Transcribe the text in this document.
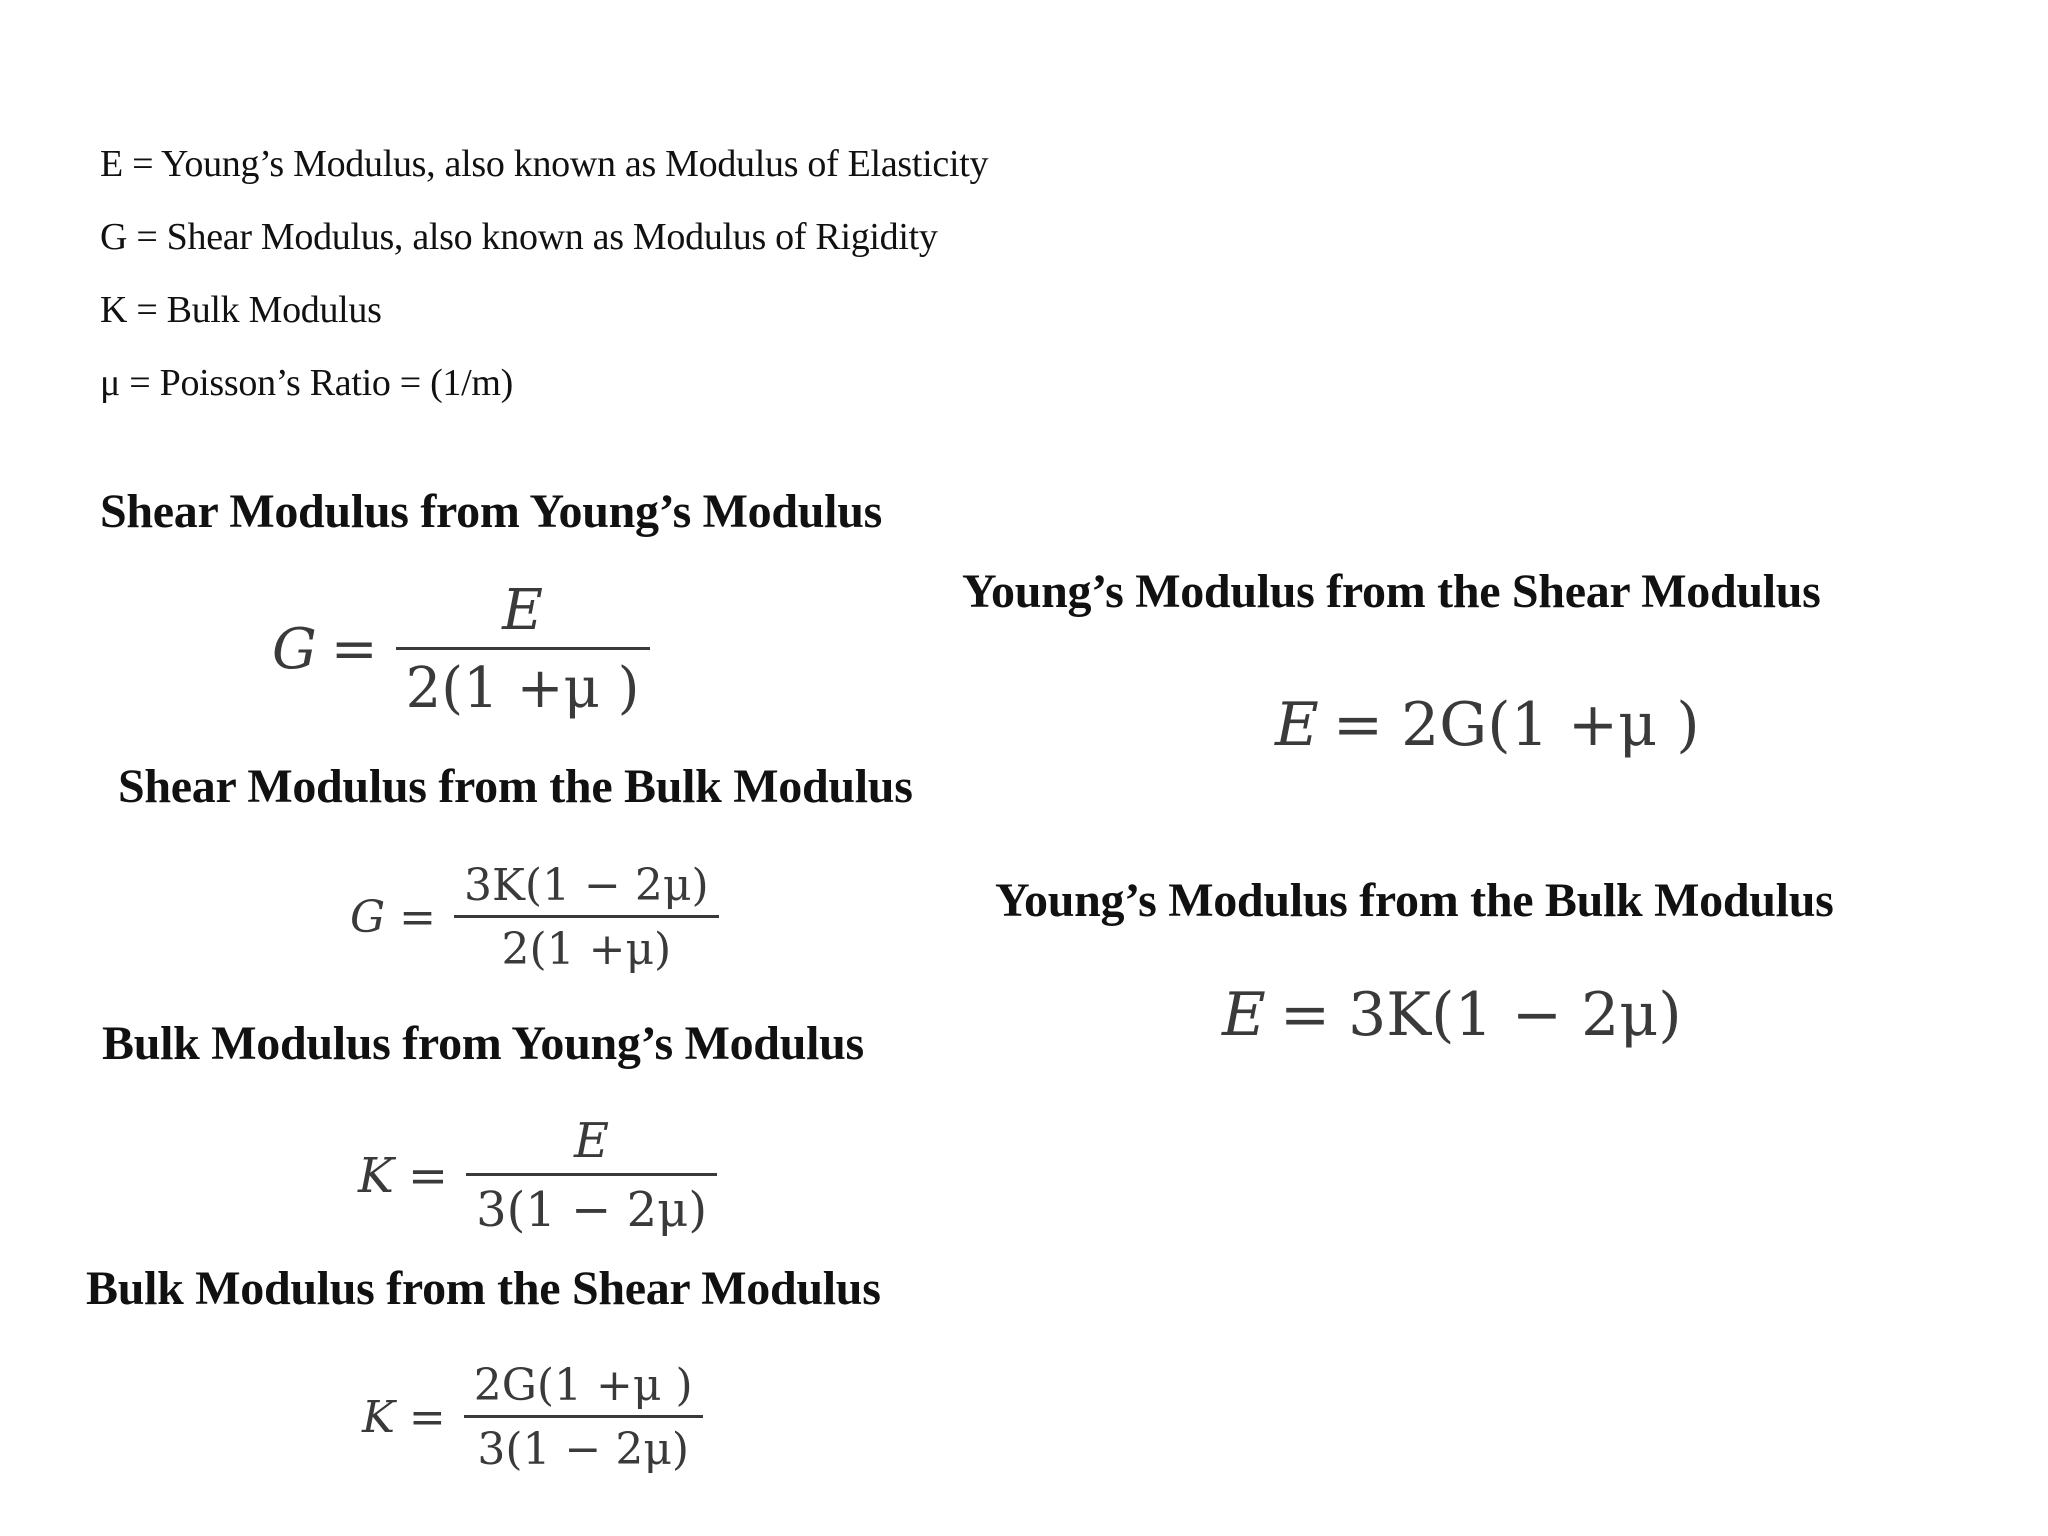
E = Young’s Modulus, also known as Modulus of Elasticity
G = Shear Modulus, also known as Modulus of Rigidity
K = Bulk Modulus
μ = Poisson’s Ratio = (1/m)
Shear Modulus from Young’s Modulus
$G = \frac{E}{2(1 +\mu )}$	Young’s Modulus from the Shear Modulus
E = 2G(1 +μ )
Shear Modulus from the Bulk Modulus
$G = \frac{3K(1 - 2\mu)}{2(1 +\mu)}$	Young’s Modulus from the Bulk Modulus
E = 3K(1 − 2μ)
Bulk Modulus from Young’s Modulus
$K = \frac{E}{3(1 - 2\mu)}$
Bulk Modulus from the Shear Modulus
$K = \frac{2G(1 +\mu )}{3(1 - 2\mu)}$
